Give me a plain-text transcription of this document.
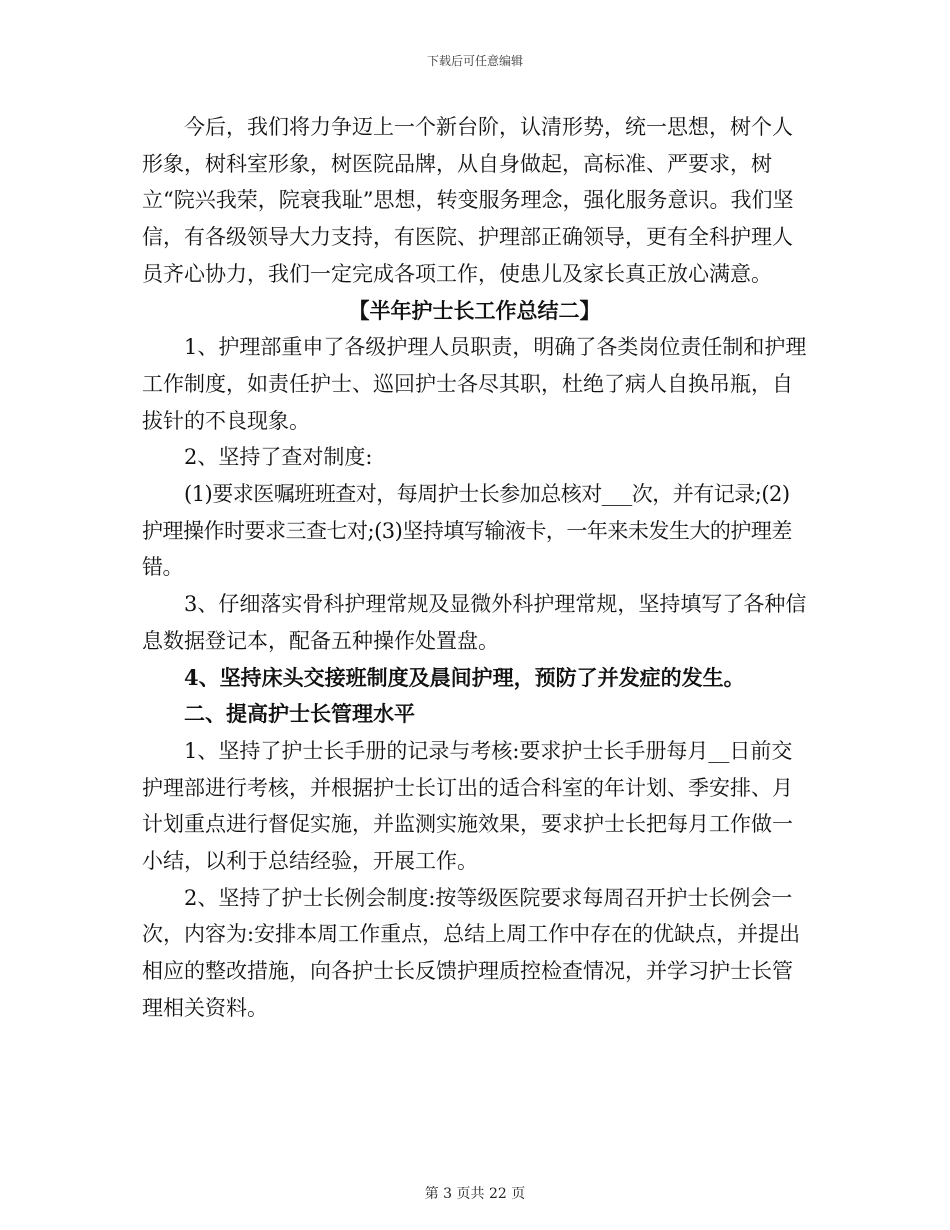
下载后可任意编辑

今后，我们将力争迈上一个新台阶，认清形势，统一思想，树个人形象，树科室形象，树医院品牌，从自身做起，高标准、严要求，树立“院兴我荣，院衰我耻”思想，转变服务理念，强化服务意识。我们坚信，有各级领导大力支持，有医院、护理部正确领导，更有全科护理人员齐心协力，我们一定完成各项工作，使患儿及家长真正放心满意。

【半年护士长工作总结二】

1、护理部重申了各级护理人员职责，明确了各类岗位责任制和护理工作制度，如责任护士、巡回护士各尽其职，杜绝了病人自换吊瓶，自拔针的不良现象。

2、坚持了查对制度:

(1)要求医嘱班班查对，每周护士长参加总核对___次，并有记录;(2)护理操作时要求三查七对;(3)坚持填写输液卡，一年来未发生大的护理差错。

3、仔细落实骨科护理常规及显微外科护理常规，坚持填写了各种信息数据登记本，配备五种操作处置盘。

4、坚持床头交接班制度及晨间护理，预防了并发症的发生。

二、提高护士长管理水平

1、坚持了护士长手册的记录与考核:要求护士长手册每月__日前交护理部进行考核，并根据护士长订出的适合科室的年计划、季安排、月计划重点进行督促实施，并监测实施效果，要求护士长把每月工作做一小结，以利于总结经验，开展工作。

2、坚持了护士长例会制度:按等级医院要求每周召开护士长例会一次，内容为:安排本周工作重点，总结上周工作中存在的优缺点，并提出相应的整改措施，向各护士长反馈护理质控检查情况，并学习护士长管理相关资料。

第 3 页共 22 页
